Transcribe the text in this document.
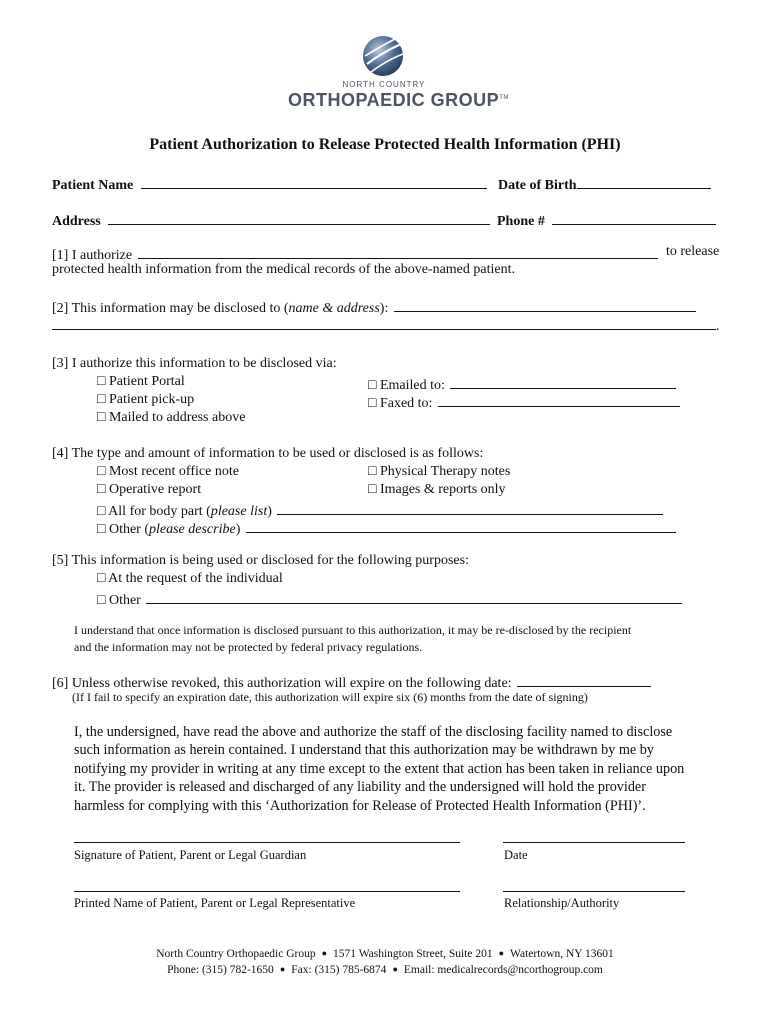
NORTH COUNTRY
ORTHOPAEDIC GROUP™
Patient Authorization to Release Protected Health Information (PHI)
Patient Name	Date of Birth
Address	Phone #
[1] I authorize	to release
protected health information from the medical records of the above-named patient.
[2] This information may be disclosed to (name & address):
.
[3] I authorize this information to be disclosed via:
□ Patient Portal
□ Patient pick-up
□ Mailed to address above
□ Emailed to:
□ Faxed to:
[4] The type and amount of information to be used or disclosed is as follows:
□ Most recent office note
□ Operative report
□ All for body part (please list)
□ Other (please describe)
□ Physical Therapy notes
□ Images & reports only
[5] This information is being used or disclosed for the following purposes:
□ At the request of the individual
□ Other
I understand that once information is disclosed pursuant to this authorization, it may be re-disclosed by the recipient
and the information may not be protected by federal privacy regulations.
[6] Unless otherwise revoked, this authorization will expire on the following date:
(If I fail to specify an expiration date, this authorization will expire six (6) months from the date of signing)
I, the undersigned, have read the above and authorize the staff of the disclosing facility named to disclose
such information as herein contained. I understand that this authorization may be withdrawn by me by
notifying my provider in writing at any time except to the extent that action has been taken in reliance upon
it. The provider is released and discharged of any liability and the undersigned will hold the provider
harmless for complying with this ‘Authorization for Release of Protected Health Information (PHI)’.
Signature of Patient, Parent or Legal Guardian	Date
Printed Name of Patient, Parent or Legal Representative	Relationship/Authority
North Country Orthopaedic Group ● 1571 Washington Street, Suite 201 ● Watertown, NY 13601
Phone: (315) 782-1650 ● Fax: (315) 785-6874 ● Email: medicalrecords@ncorthogroup.com
